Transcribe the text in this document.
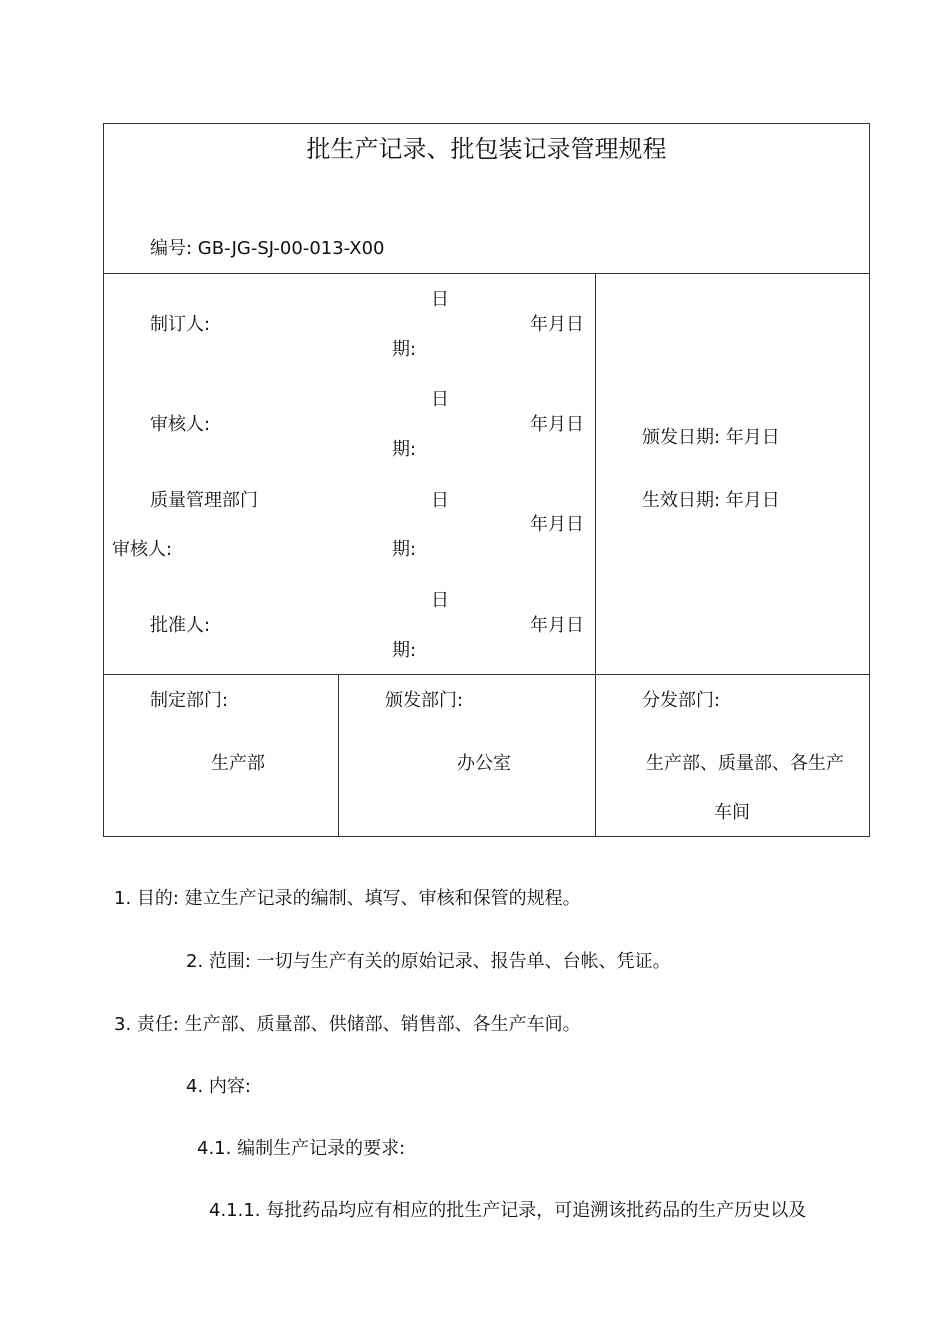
批生产记录、批包装记录管理规程
编号: GB-JG-SJ-00-013-X00
制订人:
日
期:
年月日
审核人:
日
期:
年月日
质量管理部门
审核人:
日
期:
年月日
批准人:
日
期:
年月日
颁发日期: 年月日
生效日期: 年月日
制定部门:
生产部
颁发部门:
办公室
分发部门:
生产部、质量部、各生产
车间
1. 目的: 建立生产记录的编制、填写、审核和保管的规程。
2. 范围: 一切与生产有关的原始记录、报告单、台帐、凭证。
3. 责任: 生产部、质量部、供储部、销售部、各生产车间。
4. 内容:
4.1. 编制生产记录的要求:
4.1.1. 每批药品均应有相应的批生产记录，可追溯该批药品的生产历史以及
